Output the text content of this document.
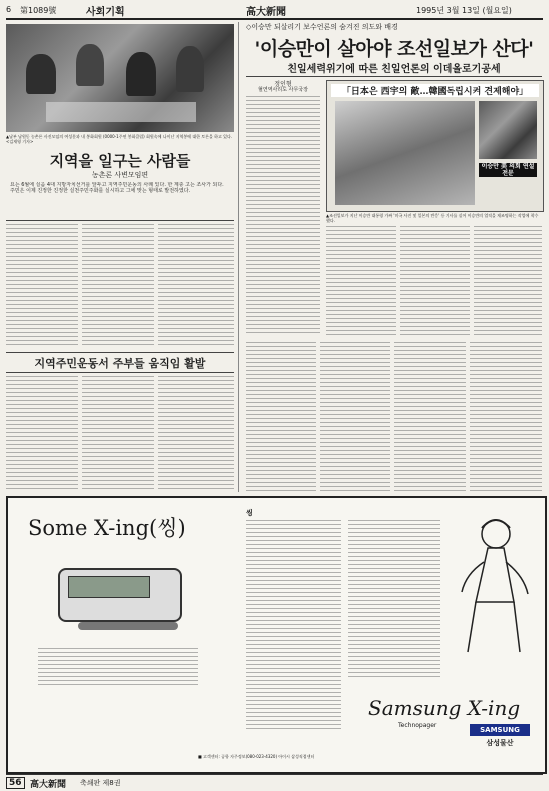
6 第1089號	사회기획	高大新聞	1995년 3월 13일 (월요일)
▲남부 남원동 농촌론 사진모임의 여성분과 내 봉화회원 (0000-1주연 봉화클럽) 회원속에 나이난 지역봉에 대한 토론을 하고 있다.<김재영 기자>
지역을 일구는 사람들
농촌론 사변모임편
요는 6월에 실음 4대 지방자치선거를 앞두고 지역주민운동의 사례 있다. 한 계층 고는 조사가 되다. 주민은 이제 진정한 진정한 실천주민주화를 실시하고 그에 맞는 형태로 발전하였다.
지역주민운동서 주부들 움직임 활발
◇이승만 되살리기 보수언론의 숨겨진 의도와 배경
'이승만이 살아야 조선일보가 산다'
친일세력위기에 따른 친일언론의 이데올로기공세
정인형
혈연역사리도 사무국장	「日本은 西宇의 敵…韓國독립시켜 견제해야」
이승만 美 의회 연설 전문
▲조선일보가 지난 이승만 대통령 가짜 '미국 사진 및 일본의 반응' 등 기사를 실어 이승만의 업적을 재조명하는 작업에 착수했다.
Some X-ing(씽)
씽
Samsung X-ing
Technopager
SAMSUNG
삼성물산
■ 고객센터: 공항 자주정보(080-023-4320) 아이시 삼성직접센터
56 高大新聞 축쇄판 제8권
